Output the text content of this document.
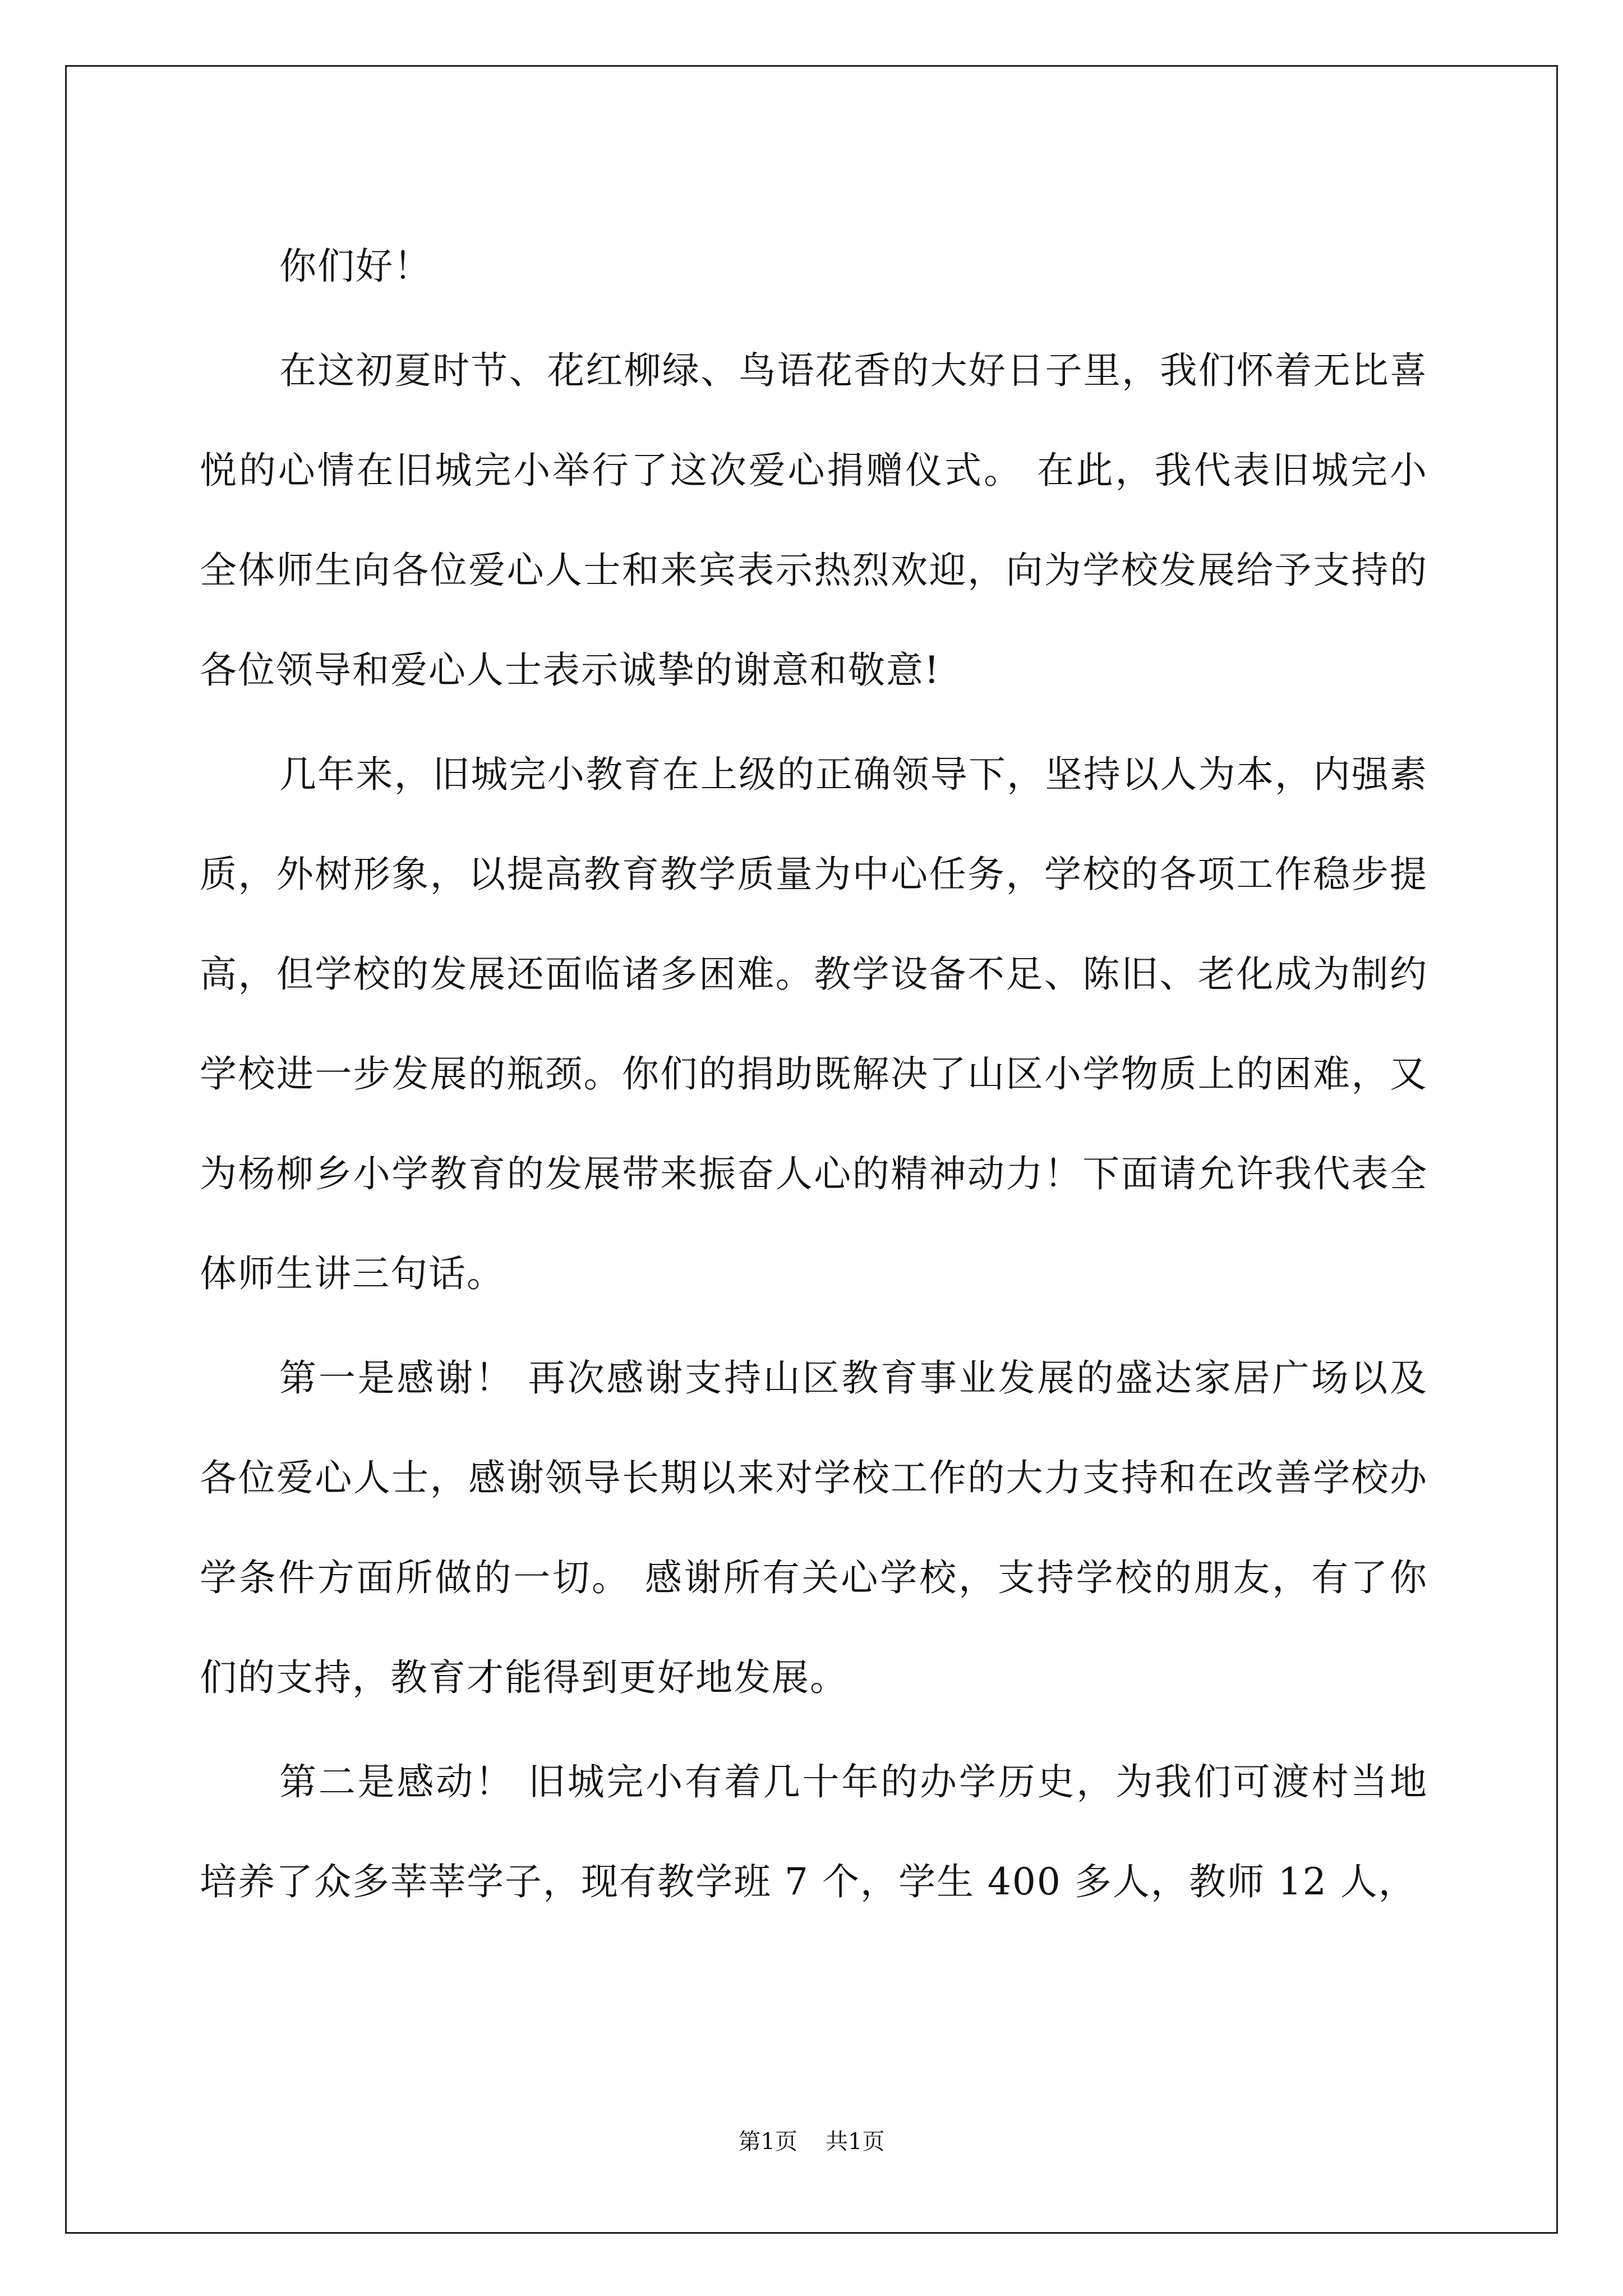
你们好！

在这初夏时节、花红柳绿、鸟语花香的大好日子里，我们怀着无比喜悦的心情在旧城完小举行了这次爱心捐赠仪式。 在此，我代表旧城完小全体师生向各位爱心人士和来宾表示热烈欢迎，向为学校发展给予支持的各位领导和爱心人士表示诚挚的谢意和敬意!

几年来，旧城完小教育在上级的正确领导下，坚持以人为本，内强素质，外树形象，以提高教育教学质量为中心任务，学校的各项工作稳步提高，但学校的发展还面临诸多困难。教学设备不足、陈旧、老化成为制约学校进一步发展的瓶颈。你们的捐助既解决了山区小学物质上的困难，又为杨柳乡小学教育的发展带来振奋人心的精神动力！下面请允许我代表全体师生讲三句话。

第一是感谢！ 再次感谢支持山区教育事业发展的盛达家居广场以及各位爱心人士，感谢领导长期以来对学校工作的大力支持和在改善学校办学条件方面所做的一切。 感谢所有关心学校，支持学校的朋友，有了你们的支持，教育才能得到更好地发展。

第二是感动！ 旧城完小有着几十年的办学历史，为我们可渡村当地培养了众多莘莘学子，现有教学班 7 个，学生 400 多人，教师 12 人，

第1页 共1页
